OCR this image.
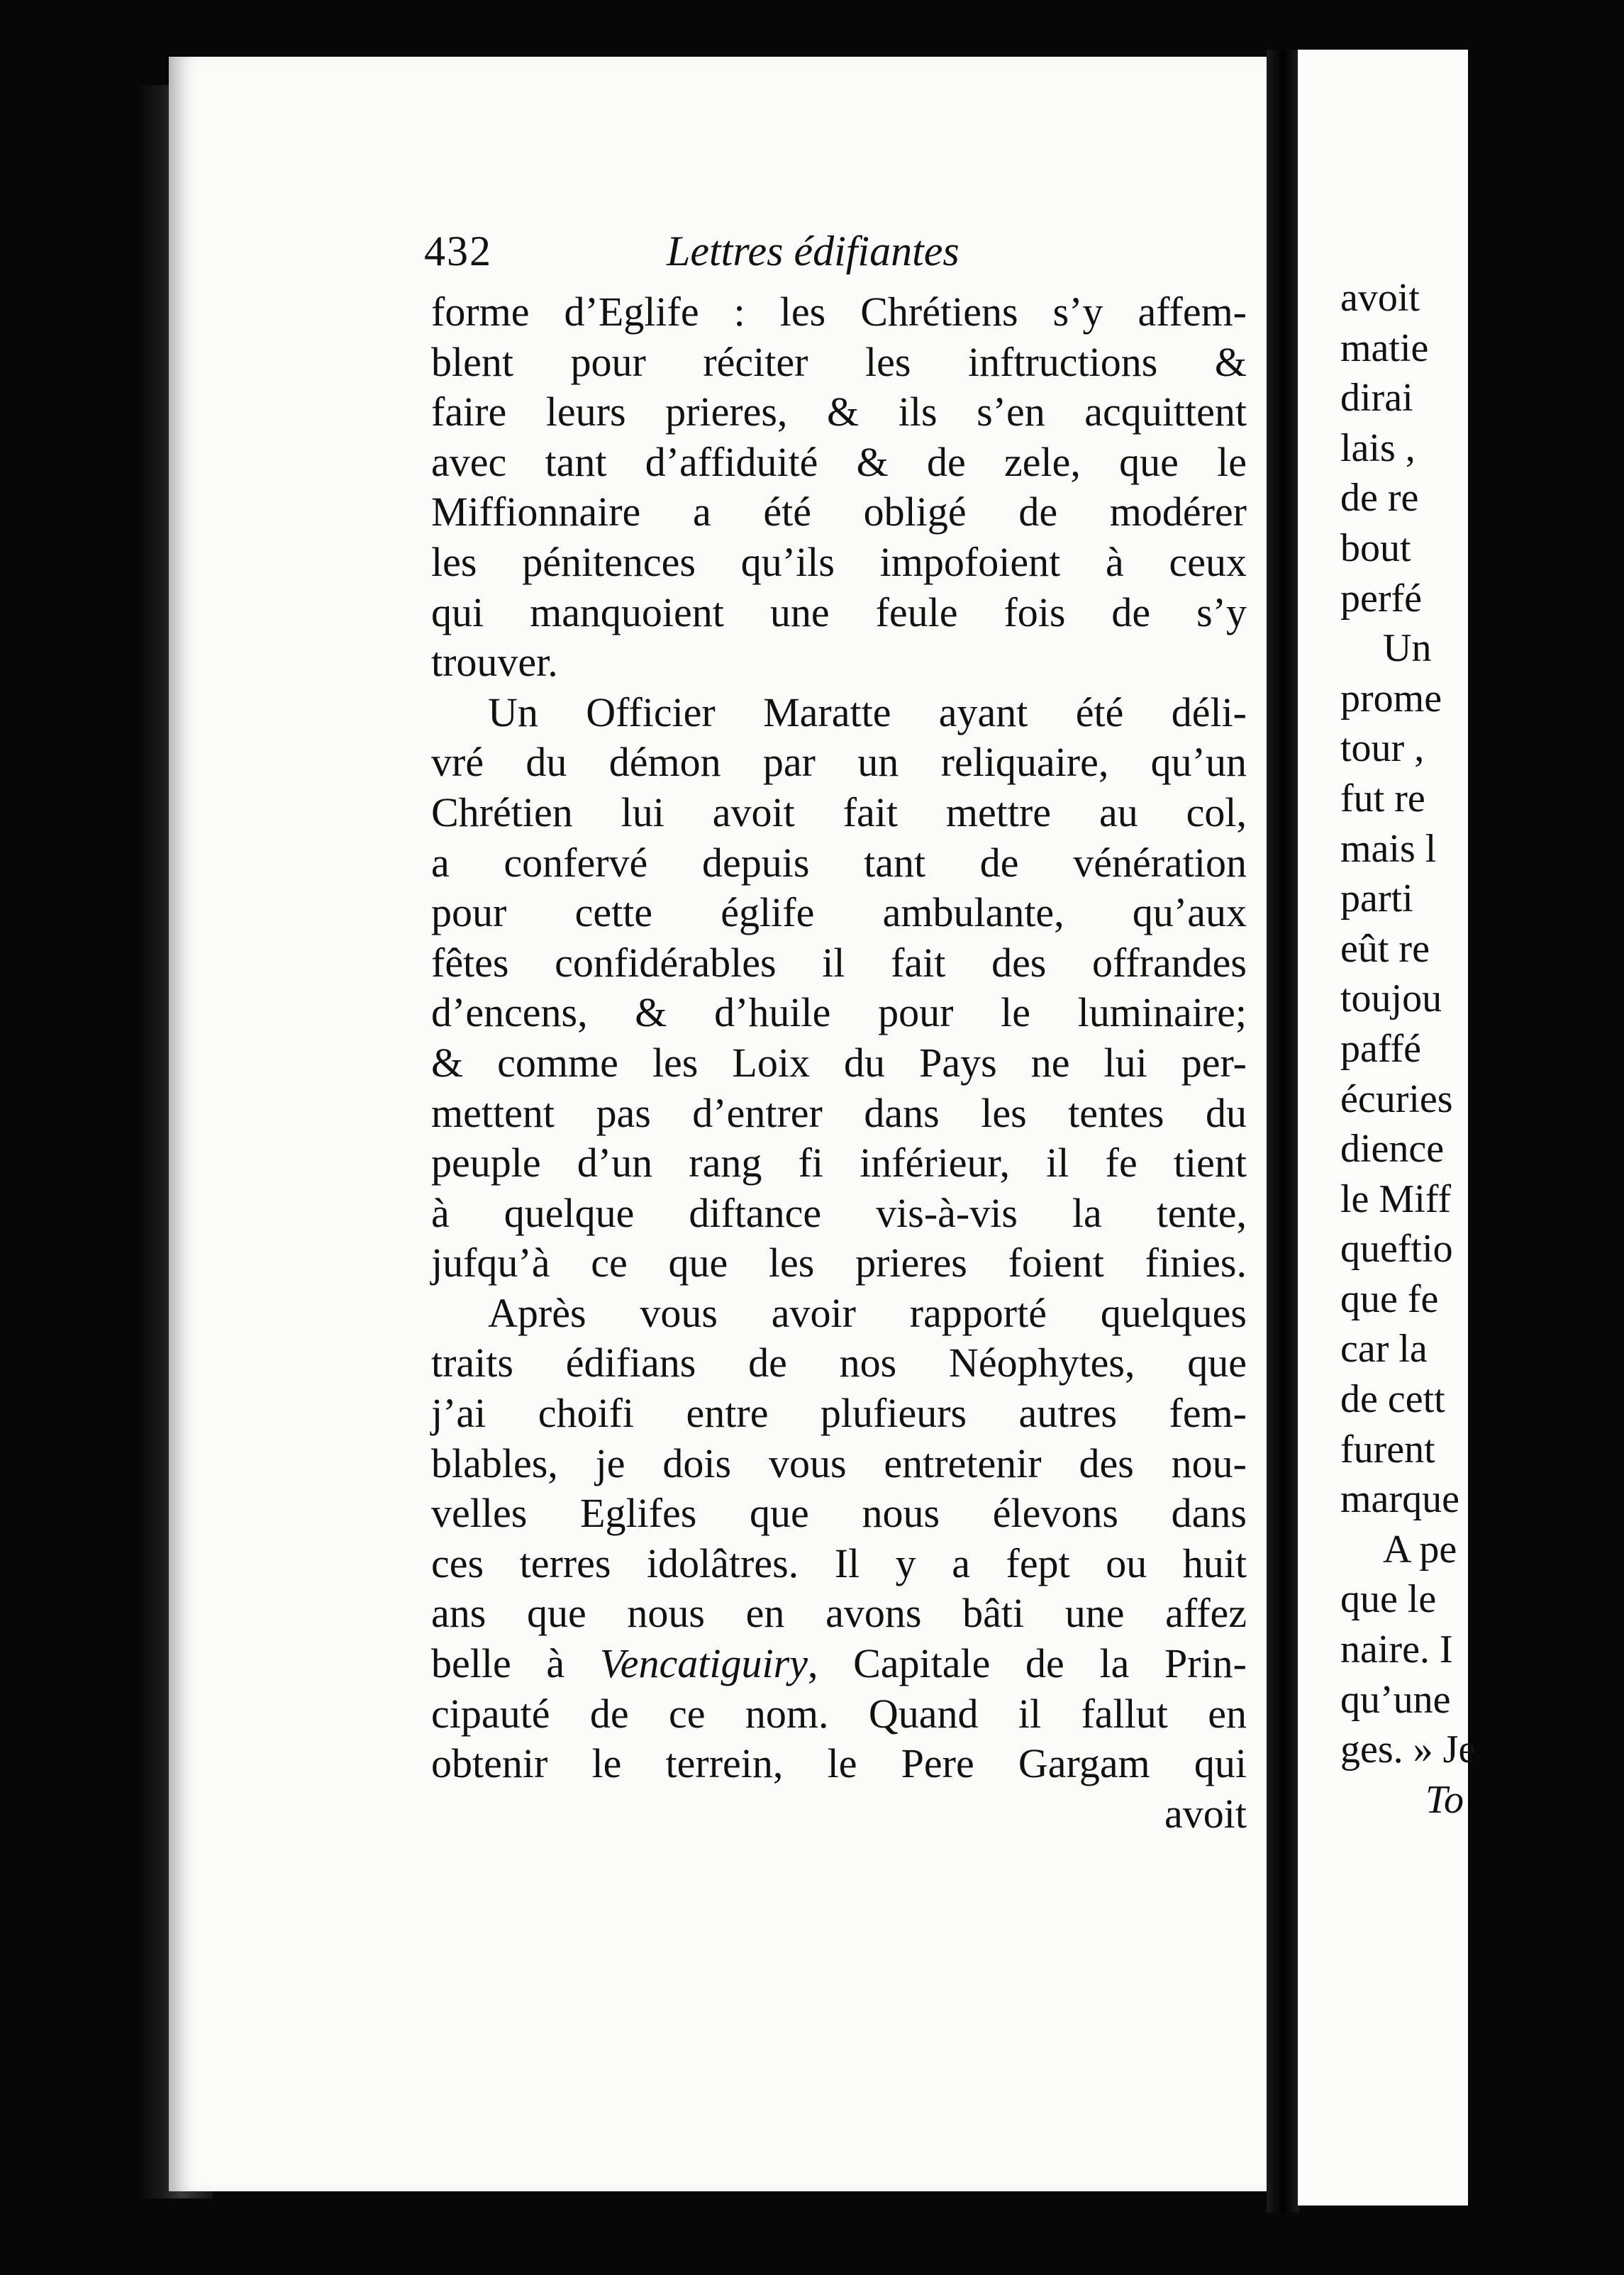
avoit
matie
dirai
lais ,
de re
bout
perfé
Un
prome
tour ,
fut re
mais l
parti
eût re
toujou
paffé
écuries
dience
le Miff
queftio
que fe
car la
de cett
furent
marque
A pe
que le
naire. I
qu’une
ges. » Je
To
432	Lettres édifiantes
forme d’Eglife : les Chrétiens s’y affem-
blent pour réciter les inftructions &
faire leurs prieres, & ils s’en acquittent
avec tant d’affiduité & de zele, que le
Miffionnaire a été obligé de modérer
les pénitences qu’ils impofoient à ceux
qui manquoient une feule fois de s’y
trouver.
Un Officier Maratte ayant été déli-
vré du démon par un reliquaire, qu’un
Chrétien lui avoit fait mettre au col,
a confervé depuis tant de vénération
pour cette églife ambulante, qu’aux
fêtes confidérables il fait des offrandes
d’encens, & d’huile pour le luminaire;
& comme les Loix du Pays ne lui per-
mettent pas d’entrer dans les tentes du
peuple d’un rang fi inférieur, il fe tient
à quelque diftance vis-à-vis la tente,
jufqu’à ce que les prieres foient finies.
Après vous avoir rapporté quelques
traits édifians de nos Néophytes, que
j’ai choifi entre plufieurs autres fem-
blables, je dois vous entretenir des nou-
velles Eglifes que nous élevons dans
ces terres idolâtres. Il y a fept ou huit
ans que nous en avons bâti une affez
belle à Vencatiguiry, Capitale de la Prin-
cipauté de ce nom. Quand il fallut en
obtenir le terrein, le Pere Gargam qui
avoit
